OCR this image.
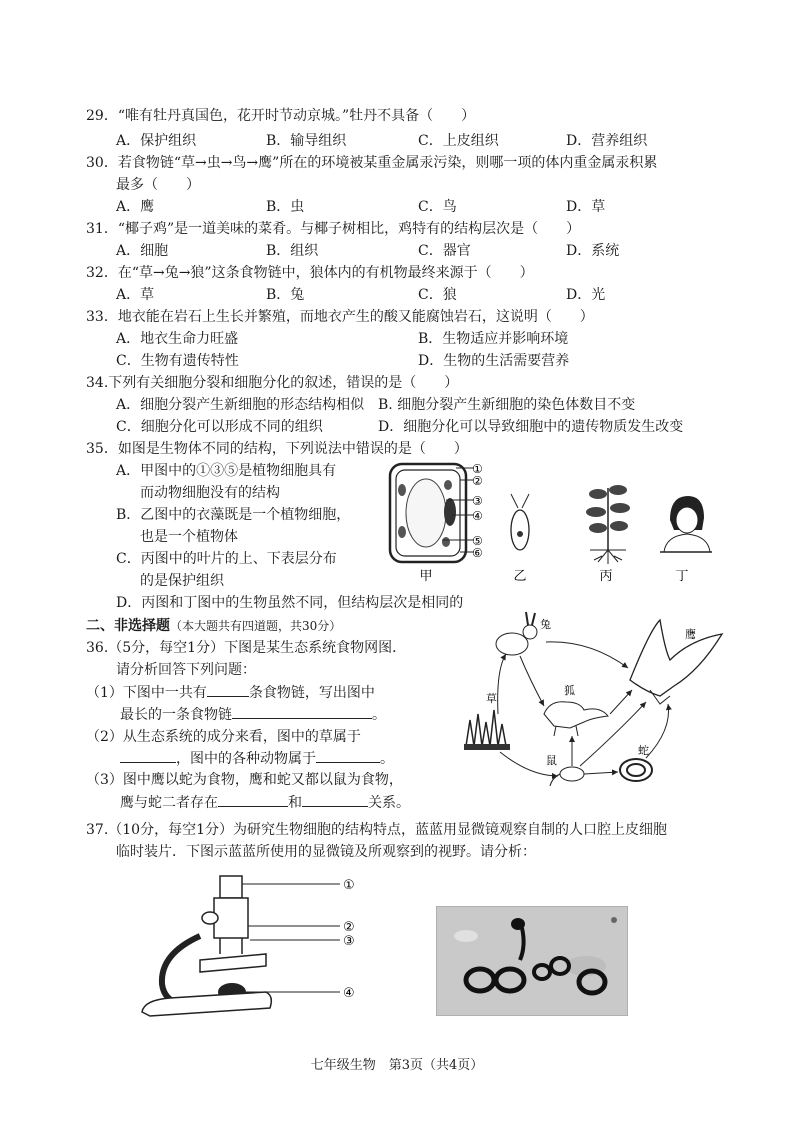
29．“唯有牡丹真国色，花开时节动京城。”牡丹不具备（　　）
A．保护组织	B．输导组织	C．上皮组织	D．营养组织
30．若食物链“草→虫→鸟→鹰”所在的环境被某重金属汞污染，则哪一项的体内重金属汞积累
最多（　　）
A．鹰	B．虫	C．鸟	D．草
31．“椰子鸡”是一道美味的菜肴。与椰子树相比，鸡特有的结构层次是（　　）
A．细胞	B．组织	C．器官	D．系统
32．在“草→兔→狼”这条食物链中，狼体内的有机物最终来源于（　　）
A．草	B．兔	C．狼	D．光
33．地衣能在岩石上生长并繁殖，而地衣产生的酸又能腐蚀岩石，这说明（　　）
A．地衣生命力旺盛	B．生物适应并影响环境
C．生物有遗传特性	D．生物的生活需要营养
34.下列有关细胞分裂和细胞分化的叙述，错误的是（　　）
A．细胞分裂产生新细胞的形态结构相似 B. 细胞分裂产生新细胞的染色体数目不变
C．细胞分化可以形成不同的组织	D．细胞分化可以导致细胞中的遗传物质发生改变
35．如图是生物体不同的结构，下列说法中错误的是（　　）
A．甲图中的①③⑤是植物细胞具有
而动物细胞没有的结构
B．乙图中的衣藻既是一个植物细胞，
也是一个植物体
C．丙图中的叶片的上、下表层分布
的是保护组织
D．丙图和丁图中的生物虽然不同，但结构层次是相同的
①
②
③
④
⑤
⑥
甲	乙	丙	丁
二、非选择题（本大题共有四道题，共30分）
36.（5分，每空1分）下图是某生态系统食物网图．
请分析回答下列问题：
（1）下图中一共有	条食物链，写出图中
最长的一条食物链	。
（2）从生态系统的成分来看，图中的草属于
，图中的各种动物属于	。
（3）图中鹰以蛇为食物，鹰和蛇又都以鼠为食物，
鹰与蛇二者存在	和	关系。
兔
鹰
狐
草
鼠
蛇
37.（10分，每空1分）为研究生物细胞的结构特点，蓝蓝用显微镜观察自制的人口腔上皮细胞
临时装片．下图示蓝蓝所使用的显微镜及所观察到的视野。请分析：
①
②
③
④
七年级生物　第3页（共4页）
